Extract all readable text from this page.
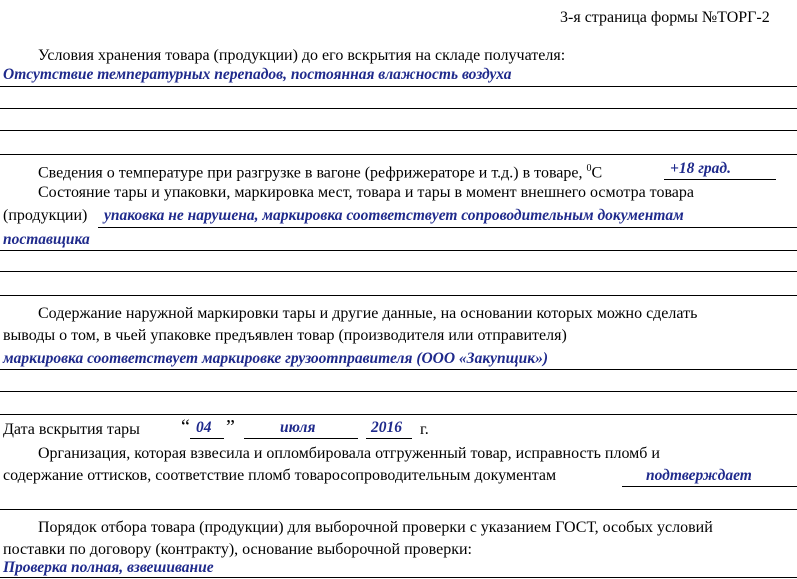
3-я страница формы №ТОРГ-2
Условия хранения товара (продукции) до его вскрытия на складе получателя:
Отсутствие температурных перепадов, постоянная влажность воздуха
Сведения о температуре при разгрузке в вагоне (рефрижераторе и т.д.) в товаре, $^0$С	+18 град.
Состояние тары и упаковки, маркировка мест, товара и тары в момент внешнего осмотра товара
(продукции) упаковка не нарушена, маркировка соответствует сопроводительным документам
поставщика
Содержание наружной маркировки тары и другие данные, на основании которых можно сделать
выводы о том, в чьей упаковке предъявлен товар (производителя или отправителя)
маркировка соответствует маркировке грузоотправителя (ООО «Закупщик»)
Дата вскрытия тары “ 04 ”	июля	2016 г.
Организация, которая взвесила и опломбировала отгруженный товар, исправность пломб и
содержание оттисков, соответствие пломб товаросопроводительным документам	подтверждает
Порядок отбора товара (продукции) для выборочной проверки с указанием ГОСТ, особых условий
поставки по договору (контракту), основание выборочной проверки:
Проверка полная, взвешивание
